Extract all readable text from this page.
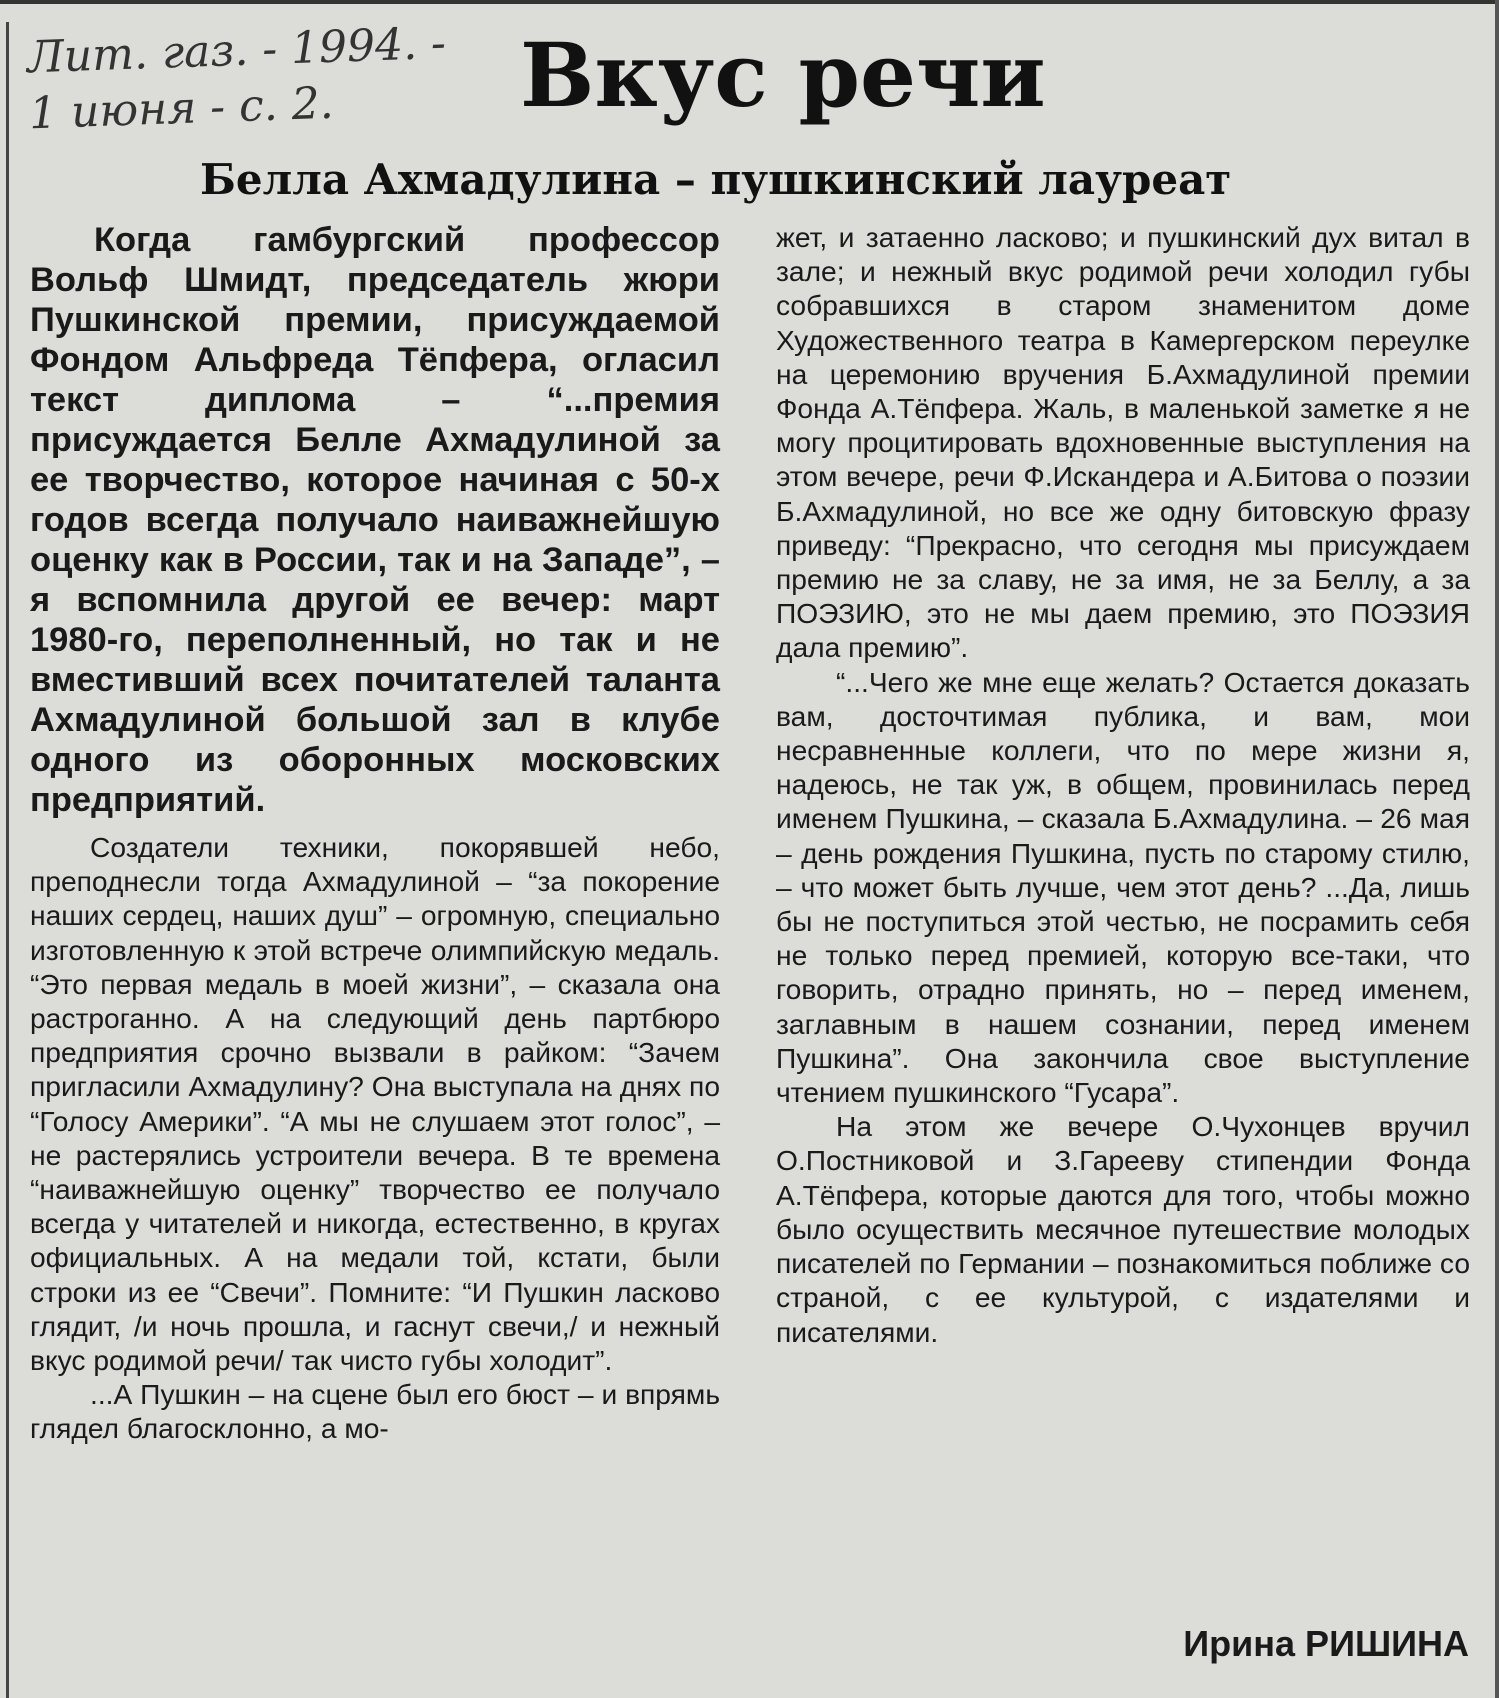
Лит. газ. - 1994. -
1 июня - с. 2.	Вкус речи
Белла Ахмадулина – пушкинский лауреат

Когда гамбургский профессор Вольф Шмидт, председатель жюри Пушкинской премии, присуждаемой Фондом Альфреда Тёпфера, огласил текст диплома – “...премия присуждается Белле Ахмадулиной за ее творчество, которое начиная с 50-х годов всегда получало наиважнейшую оценку как в России, так и на Западе”, – я вспомнила другой ее вечер: март 1980-го, переполненный, но так и не вместивший всех почитателей таланта Ахмадулиной большой зал в клубе одного из оборонных московских предприятий.

Создатели техники, покорявшей небо, преподнесли тогда Ахмадулиной – “за покорение наших сердец, наших душ” – огромную, специально изготовленную к этой встрече олимпийскую медаль. “Это первая медаль в моей жизни”, – сказала она растроганно. А на следующий день партбюро предприятия срочно вызвали в райком: “Зачем пригласили Ахмадулину? Она выступала на днях по “Голосу Америки”. “А мы не слушаем этот голос”, – не растерялись устроители вечера. В те времена “наиважнейшую оценку” творчество ее получало всегда у читателей и никогда, естественно, в кругах официальных. А на медали той, кстати, были строки из ее “Свечи”. Помните: “И Пушкин ласково глядит, /и ночь прошла, и гаснут свечи,/ и нежный вкус родимой речи/ так чисто губы холодит”.

...А Пушкин – на сцене был его бюст – и впрямь глядел благосклонно, а мо-

жет, и затаенно ласково; и пушкинский дух витал в зале; и нежный вкус родимой речи холодил губы собравшихся в старом знаменитом доме Художественного театра в Камергерском переулке на церемонию вручения Б.Ахмадулиной премии Фонда А.Тёпфера. Жаль, в маленькой заметке я не могу процитировать вдохновенные выступления на этом вечере, речи Ф.Искандера и А.Битова о поэзии Б.Ахмадулиной, но все же одну битовскую фразу приведу: “Прекрасно, что сегодня мы присуждаем премию не за славу, не за имя, не за Беллу, а за ПОЭЗИЮ, это не мы даем премию, это ПОЭЗИЯ дала премию”.

“...Чего же мне еще желать? Остается доказать вам, досточтимая публика, и вам, мои несравненные коллеги, что по мере жизни я, надеюсь, не так уж, в общем, провинилась перед именем Пушкина, – сказала Б.Ахмадулина. – 26 мая – день рождения Пушкина, пусть по старому стилю, – что может быть лучше, чем этот день? ...Да, лишь бы не поступиться этой честью, не посрамить себя не только перед премией, которую все-таки, что говорить, отрадно принять, но – перед именем, заглавным в нашем сознании, перед именем Пушкина”. Она закончила свое выступление чтением пушкинского “Гусара”.

На этом же вечере О.Чухонцев вручил О.Постниковой и З.Гарееву стипендии Фонда А.Тёпфера, которые даются для того, чтобы можно было осуществить месячное путешествие молодых писателей по Германии – познакомиться поближе со страной, с ее культурой, с издателями и писателями.

Ирина РИШИНА
